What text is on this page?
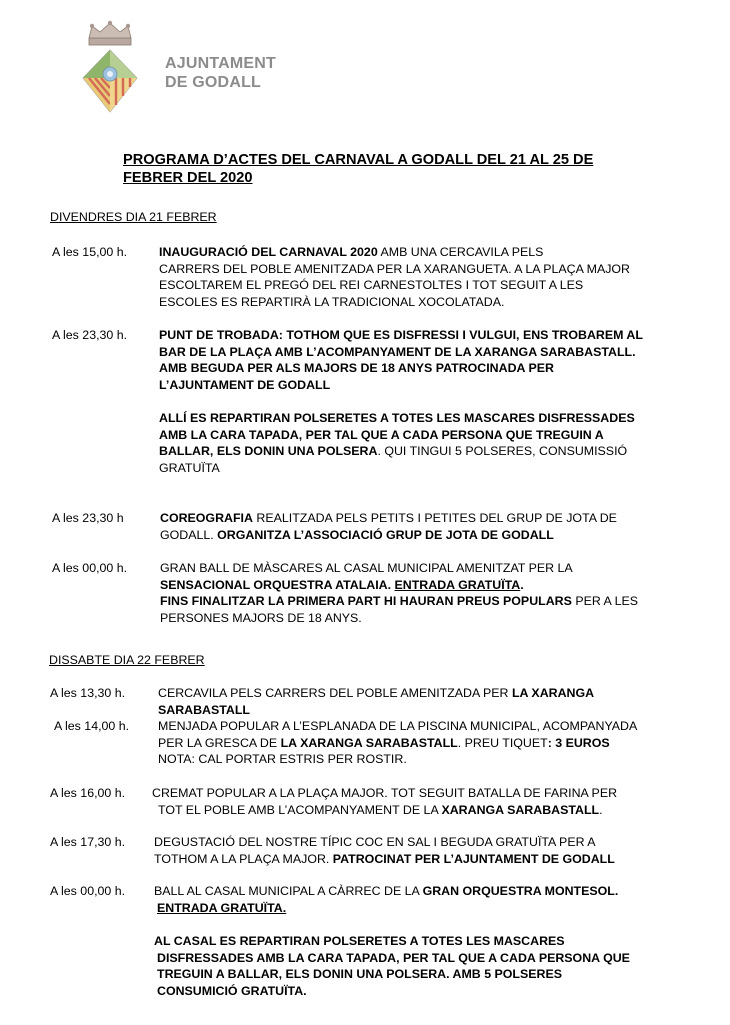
AJUNTAMENT
DE GODALL
PROGRAMA D’ACTES DEL CARNAVAL A GODALL DEL 21 AL 25 DE
FEBRER DEL 2020
DIVENDRES DIA 21 FEBRER
A les 15,00 h.	INAUGURACIÓ DEL CARNAVAL 2020 AMB UNA CERCAVILA PELS
CARRERS DEL POBLE AMENITZADA PER LA XARANGUETA. A LA PLAÇA MAJOR
ESCOLTAREM EL PREGÓ DEL REI CARNESTOLTES I TOT SEGUIT A LES
ESCOLES ES REPARTIRÀ LA TRADICIONAL XOCOLATADA.
A les 23,30 h.	PUNT DE TROBADA: TOTHOM QUE ES DISFRESSI I VULGUI, ENS TROBAREM AL
BAR DE LA PLAÇA AMB L’ACOMPANYAMENT DE LA XARANGA SARABASTALL.
AMB BEGUDA PER ALS MAJORS DE 18 ANYS PATROCINADA PER
L’AJUNTAMENT DE GODALL
ALLÍ ES REPARTIRAN POLSERETES A TOTES LES MASCARES DISFRESSADES
AMB LA CARA TAPADA, PER TAL QUE A CADA PERSONA QUE TREGUIN A
BALLAR, ELS DONIN UNA POLSERA. QUI TINGUI 5 POLSERES, CONSUMISSIÓ
GRATUÏTA
A les 23,30 h	COREOGRAFIA REALITZADA PELS PETITS I PETITES DEL GRUP DE JOTA DE
GODALL. ORGANITZA L’ASSOCIACIÓ GRUP DE JOTA DE GODALL
A les 00,00 h.	GRAN BALL DE MÀSCARES AL CASAL MUNICIPAL AMENITZAT PER LA
SENSACIONAL ORQUESTRA ATALAIA. ENTRADA GRATUÏTA.
FINS FINALITZAR LA PRIMERA PART HI HAURAN PREUS POPULARS PER A LES
PERSONES MAJORS DE 18 ANYS.
DISSABTE DIA 22 FEBRER
A les 13,30 h.	CERCAVILA PELS CARRERS DEL POBLE AMENITZADA PER LA XARANGA
SARABASTALL
A les 14,00 h. MENJADA POPULAR A L’ESPLANADA DE LA PISCINA MUNICIPAL, ACOMPANYADA
PER LA GRESCA DE LA XARANGA SARABASTALL. PREU TIQUET: 3 EUROS
NOTA: CAL PORTAR ESTRIS PER ROSTIR.
A les 16,00 h. CREMAT POPULAR A LA PLAÇA MAJOR. TOT SEGUIT BATALLA DE FARINA PER
TOT EL POBLE AMB L’ACOMPANYAMENT DE LA XARANGA SARABASTALL.
A les 17,30 h. DEGUSTACIÓ DEL NOSTRE TÍPIC COC EN SAL I BEGUDA GRATUÏTA PER A
TOTHOM A LA PLAÇA MAJOR. PATROCINAT PER L’AJUNTAMENT DE GODALL
A les 00,00 h. BALL AL CASAL MUNICIPAL A CÀRREC DE LA GRAN ORQUESTRA MONTESOL.
ENTRADA GRATUÏTA.
AL CASAL ES REPARTIRAN POLSERETES A TOTES LES MASCARES
DISFRESSADES AMB LA CARA TAPADA, PER TAL QUE A CADA PERSONA QUE
TREGUIN A BALLAR, ELS DONIN UNA POLSERA. AMB 5 POLSERES
CONSUMICIÓ GRATUÏTA.
